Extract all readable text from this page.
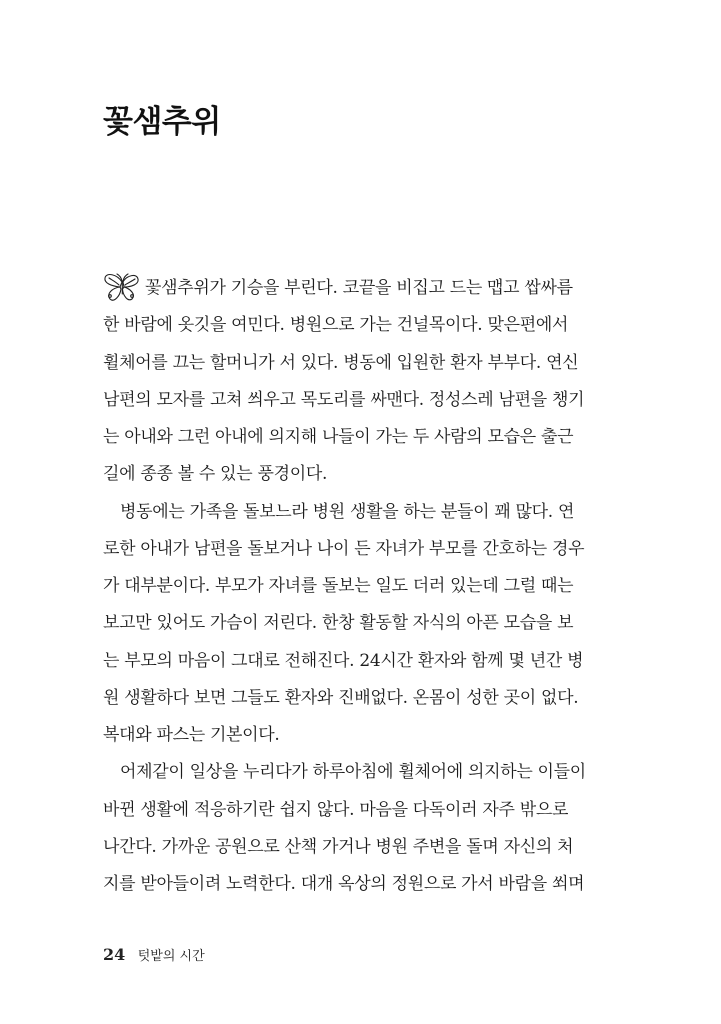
꽃샘추위
꽃샘추위가 기승을 부린다. 코끝을 비집고 드는 맵고 쌉싸름
한 바람에 옷깃을 여민다. 병원으로 가는 건널목이다. 맞은편에서
휠체어를 끄는 할머니가 서 있다. 병동에 입원한 환자 부부다. 연신
남편의 모자를 고쳐 씌우고 목도리를 싸맨다. 정성스레 남편을 챙기
는 아내와 그런 아내에 의지해 나들이 가는 두 사람의 모습은 출근
길에 종종 볼 수 있는 풍경이다.
병동에는 가족을 돌보느라 병원 생활을 하는 분들이 꽤 많다. 연
로한 아내가 남편을 돌보거나 나이 든 자녀가 부모를 간호하는 경우
가 대부분이다. 부모가 자녀를 돌보는 일도 더러 있는데 그럴 때는
보고만 있어도 가슴이 저린다. 한창 활동할 자식의 아픈 모습을 보
는 부모의 마음이 그대로 전해진다. 24시간 환자와 함께 몇 년간 병
원 생활하다 보면 그들도 환자와 진배없다. 온몸이 성한 곳이 없다.
복대와 파스는 기본이다.
어제같이 일상을 누리다가 하루아침에 휠체어에 의지하는 이들이
바뀐 생활에 적응하기란 쉽지 않다. 마음을 다독이러 자주 밖으로
나간다. 가까운 공원으로 산책 가거나 병원 주변을 돌며 자신의 처
지를 받아들이려 노력한다. 대개 옥상의 정원으로 가서 바람을 쐬며
24 텃밭의 시간
